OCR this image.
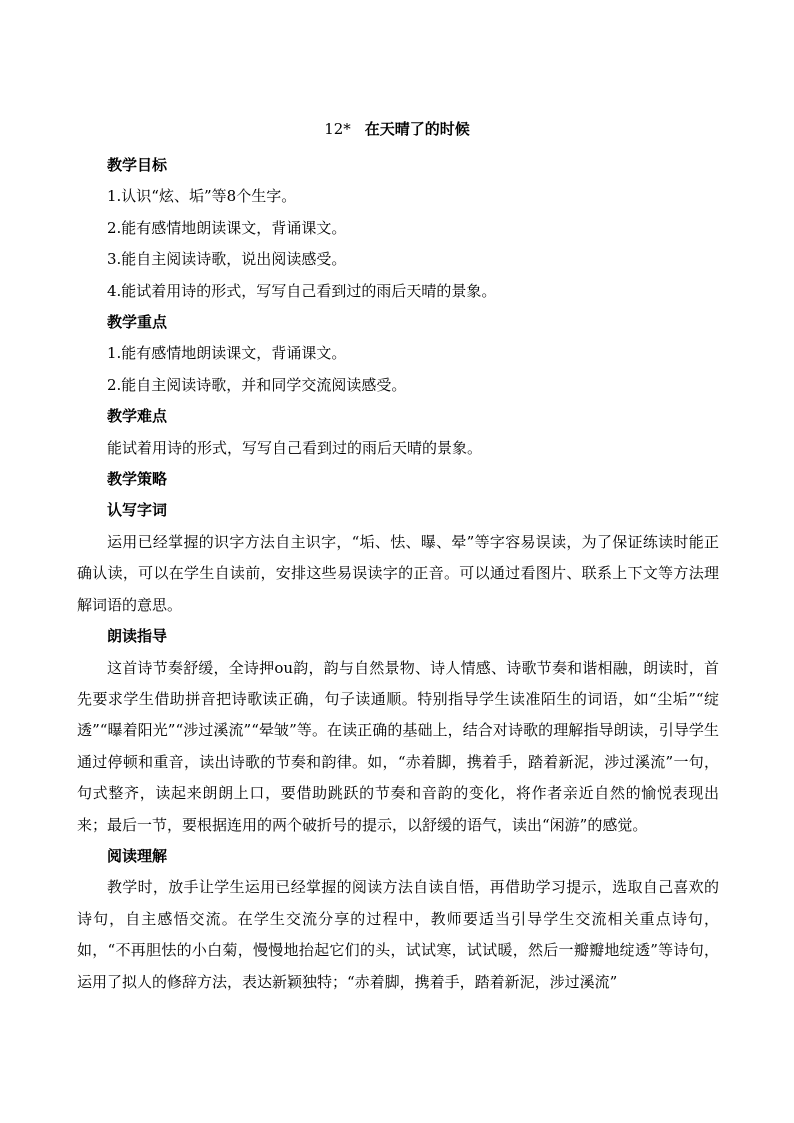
12* 在天晴了的时候

教学目标

1.认识“炫、垢”等8个生字。

2.能有感情地朗读课文，背诵课文。

3.能自主阅读诗歌，说出阅读感受。

4.能试着用诗的形式，写写自己看到过的雨后天晴的景象。

教学重点

1.能有感情地朗读课文，背诵课文。

2.能自主阅读诗歌，并和同学交流阅读感受。

教学难点

能试着用诗的形式，写写自己看到过的雨后天晴的景象。

教学策略

认写字词

运用已经掌握的识字方法自主识字，“垢、怯、曝、晕”等字容易误读，为了保证练读时能正确认读，可以在学生自读前，安排这些易误读字的正音。可以通过看图片、联系上下文等方法理解词语的意思。

朗读指导

这首诗节奏舒缓，全诗押ou韵，韵与自然景物、诗人情感、诗歌节奏和谐相融，朗读时，首先要求学生借助拼音把诗歌读正确，句子读通顺。特别指导学生读准陌生的词语，如“尘垢”“绽透”“曝着阳光”“涉过溪流”“晕皱”等。在读正确的基础上，结合对诗歌的理解指导朗读，引导学生通过停顿和重音，读出诗歌的节奏和韵律。如，“赤着脚，携着手，踏着新泥，涉过溪流”一句，句式整齐，读起来朗朗上口，要借助跳跃的节奏和音韵的变化，将作者亲近自然的愉悦表现出来；最后一节，要根据连用的两个破折号的提示，以舒缓的语气，读出“闲游”的感觉。

阅读理解

教学时，放手让学生运用已经掌握的阅读方法自读自悟，再借助学习提示，选取自己喜欢的诗句，自主感悟交流。在学生交流分享的过程中，教师要适当引导学生交流相关重点诗句，如，“不再胆怯的小白菊，慢慢地抬起它们的头，试试寒，试试暖，然后一瓣瓣地绽透”等诗句，运用了拟人的修辞方法，表达新颖独特；“赤着脚，携着手，踏着新泥，涉过溪流”
